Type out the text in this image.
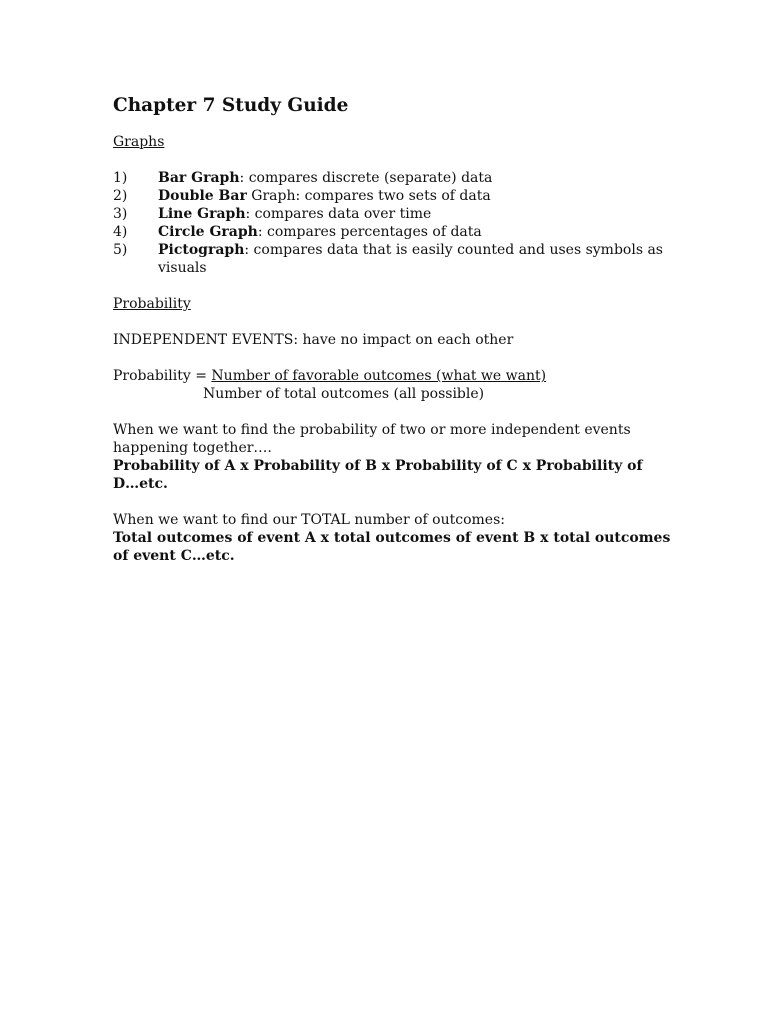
Chapter 7 Study Guide
Graphs
1)	Bar Graph: compares discrete (separate) data
2)	Double Bar Graph: compares two sets of data
3)	Line Graph: compares data over time
4)	Circle Graph: compares percentages of data
5)	Pictograph: compares data that is easily counted and uses symbols as visuals
Probability

INDEPENDENT EVENTS: have no impact on each other

Probability = Number of favorable outcomes (what we want)
Number of total outcomes (all possible)
When we want to find the probability of two or more independent events happening together….

Probability of A x Probability of B x Probability of C x Probability of D…etc.

When we want to find our TOTAL number of outcomes:
Total outcomes of event A x total outcomes of event B x total outcomes of event C…etc.
